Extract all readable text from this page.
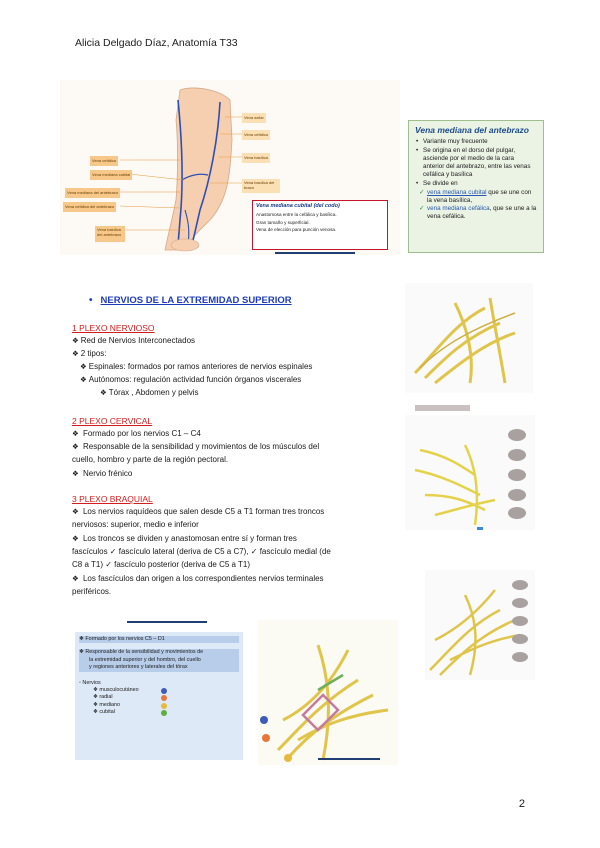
Alicia Delgado Díaz, Anatomía T33
Vena cefálica
Vena mediana cubital
Vena mediana del antebrazo
Vena cefálica del antebrazo
Vena basílica del antebrazo
Vena axilar
Vena cefálica
Vena basílica
Vena basílica del brazo
Vena mediana cubital (del codo)
Anastomosa entre la cefálica y basílica.
Gran tamaño y superficial.
Vena de elección para punción venosa.
Vena mediana del antebrazo
• Variante muy frecuente
• Se origina en el dorso del pulgar, asciende por el medio de la cara anterior del antebrazo, entre las venas cefálica y basílica
• Se divide en
✓ vena mediana cubital que se une con la vena basílica,
✓ vena mediana cefálica, que se une a la vena cefálica.
• NERVIOS DE LA EXTREMIDAD SUPERIOR
1 PLEXO NERVIOSO
❖ Red de Nervios Interconectados
❖ 2 tipos:
❖ Espinales: formados por ramos anteriores de nervios espinales
❖ Autónomos: regulación actividad función órganos viscerales
❖ Tórax , Abdomen y pelvis
2 PLEXO CERVICAL
❖ Formado por los nervios C1 – C4
❖ Responsable de la sensibilidad y movimientos de los músculos del
cuello, hombro y parte de la región pectoral.
❖ Nervio frénico
3 PLEXO BRAQUIAL
❖ Los nervios raquídeos que salen desde C5 a T1 forman tres troncos
nerviosos: superior, medio e inferior
❖ Los troncos se dividen y anastomosan entre sí y forman tres
fascículos ✓ fascículo lateral (deriva de C5 a C7), ✓ fascículo medial (de
C8 a T1) ✓ fascículo posterior (deriva de C5 a T1)
❖ Los fascículos dan origen a los correspondientes nervios terminales
periféricos.
❖ Formado por los nervios C5 – D1
❖ Responsable de la sensibilidad y movimientos de
la extremidad superior y del hombro, del cuello
y regiones anteriores y laterales del tórax
◦ Nervios
❖ musculocutáneo
❖ radial
❖ mediano
❖ cubital
2
